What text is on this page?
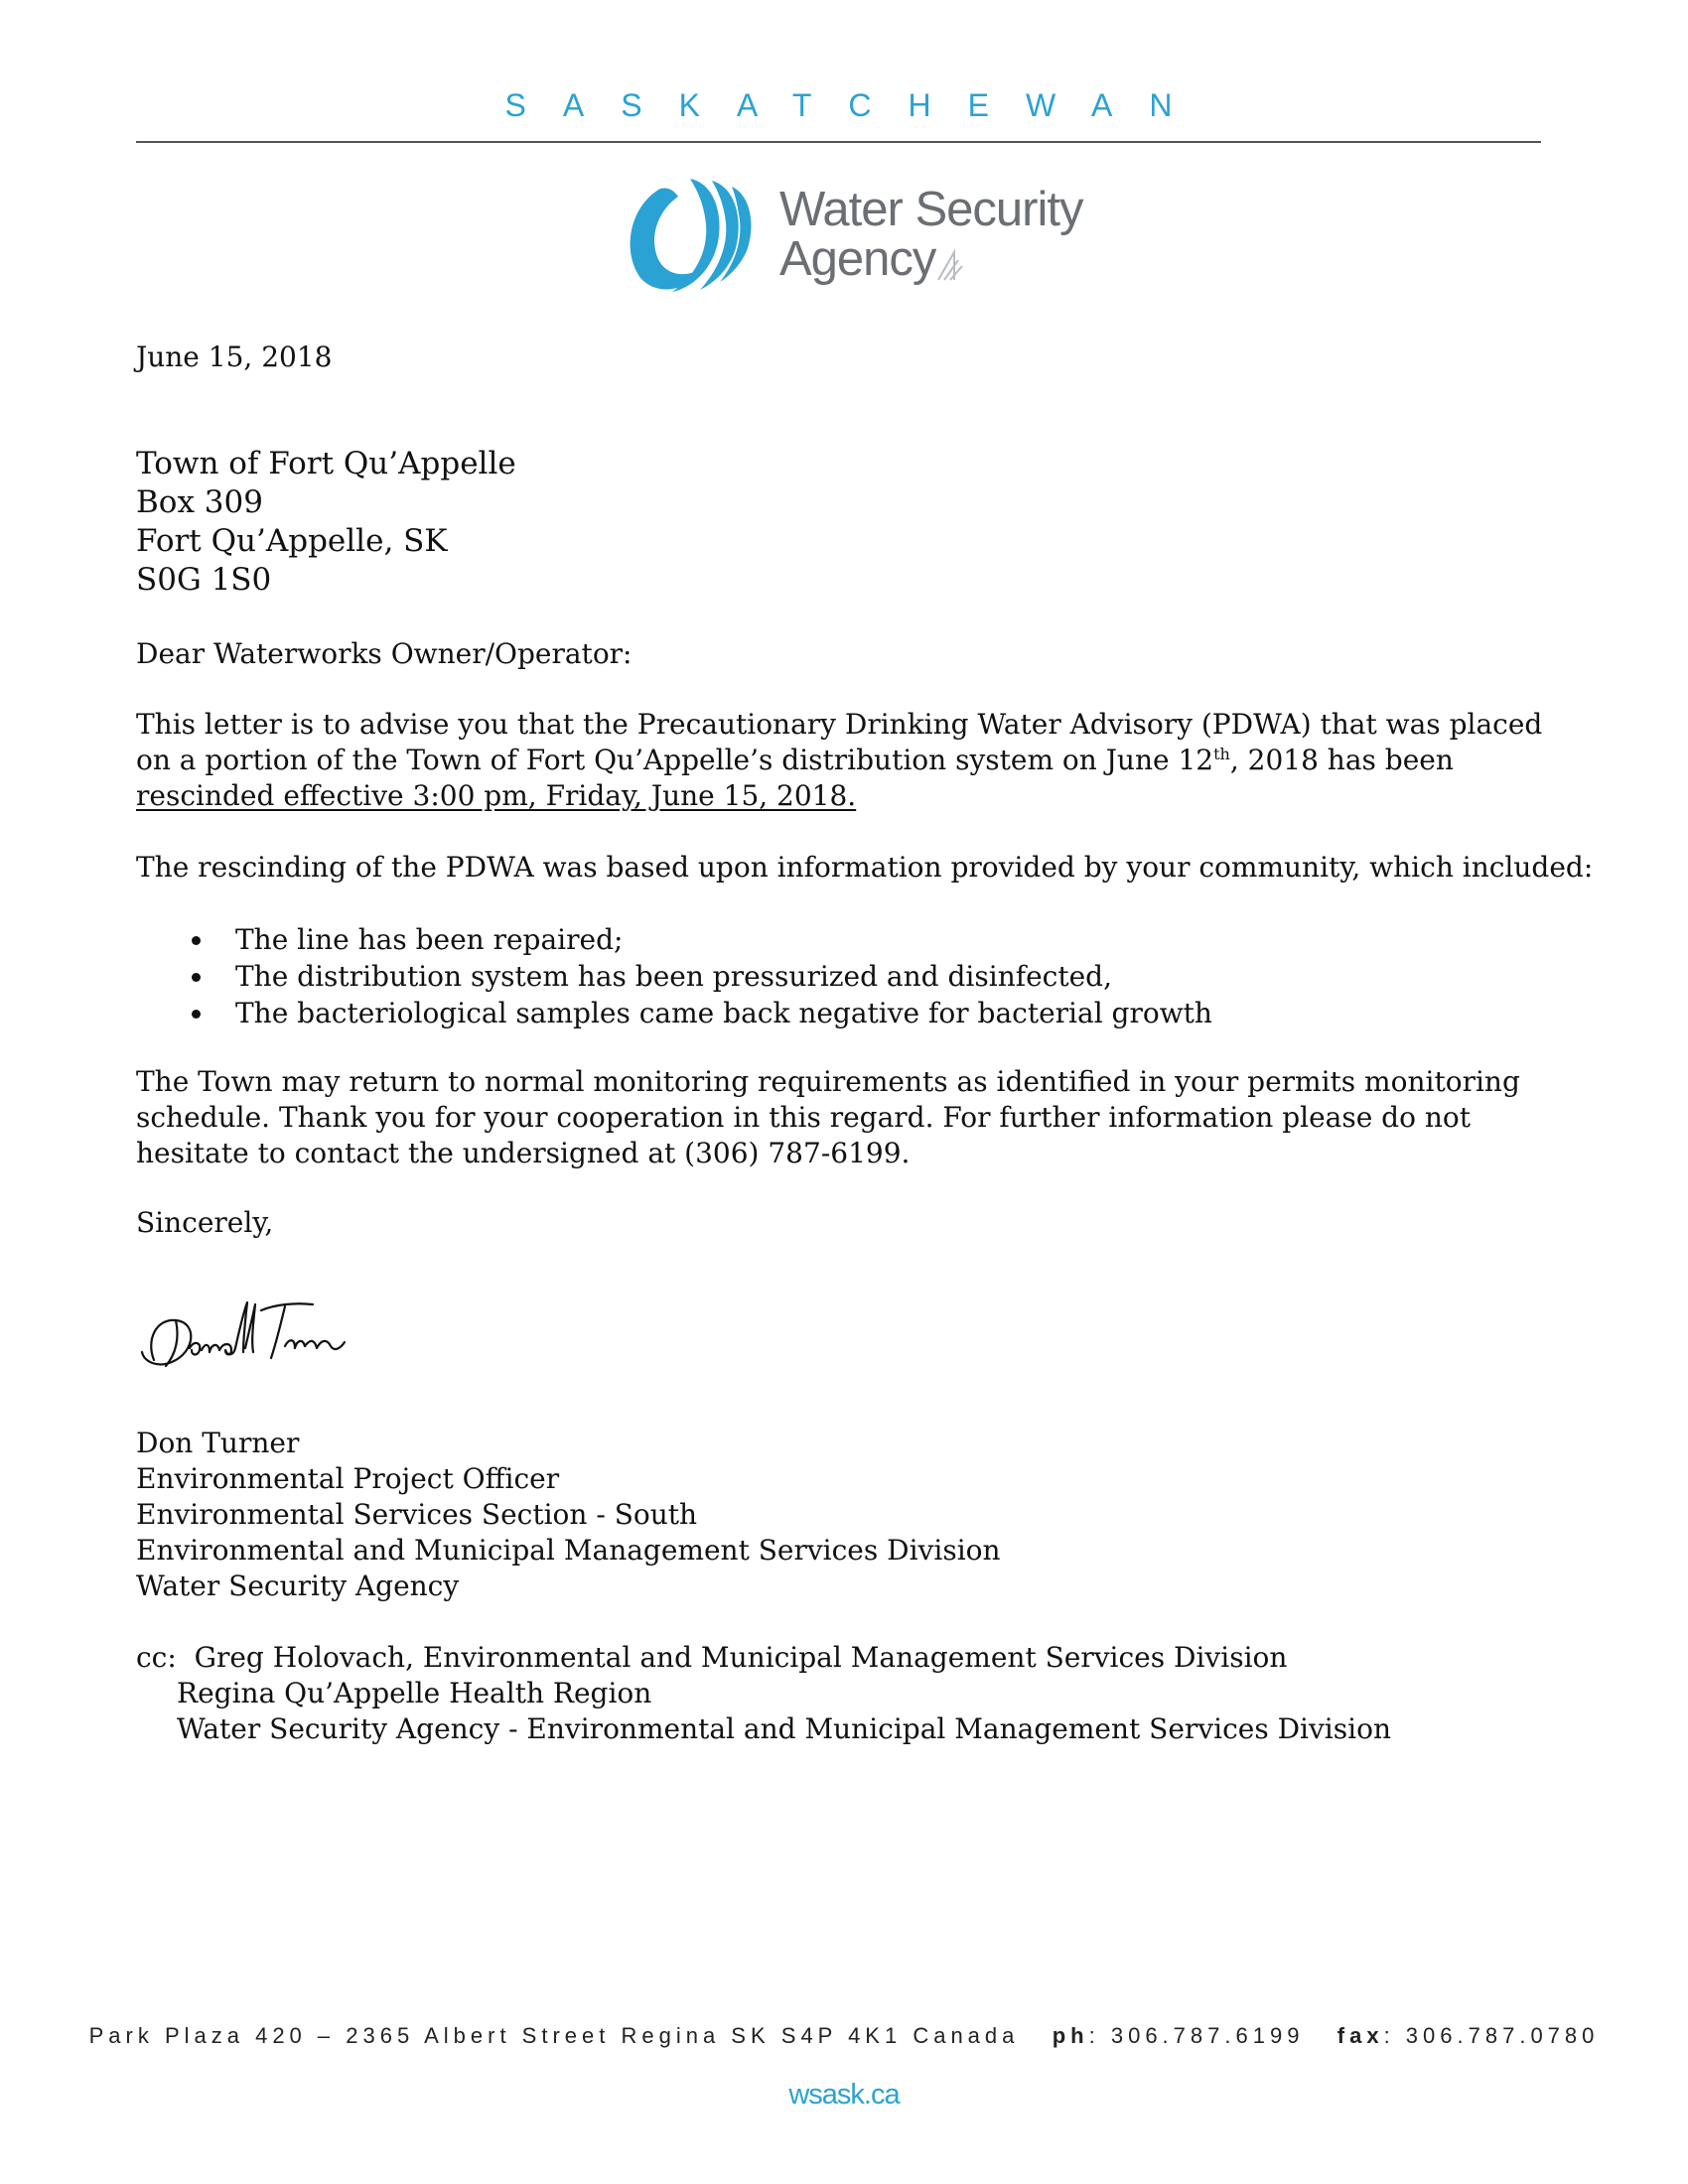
SASKATCHEWAN
Water Security
Agency
June 15, 2018
Town of Fort Qu’Appelle
Box 309
Fort Qu’Appelle, SK
S0G 1S0
Dear Waterworks Owner/Operator:
This letter is to advise you that the Precautionary Drinking Water Advisory (PDWA) that was placed on a portion of the Town of Fort Qu’Appelle’s distribution system on June 12th, 2018 has been rescinded effective 3:00 pm, Friday, June 15, 2018.
The rescinding of the PDWA was based upon information provided by your community, which included:
The line has been repaired;
The distribution system has been pressurized and disinfected,
The bacteriological samples came back negative for bacterial growth
The Town may return to normal monitoring requirements as identified in your permits monitoring schedule. Thank you for your cooperation in this regard. For further information please do not hesitate to contact the undersigned at (306) 787-6199.
Sincerely,
Don Turner
Environmental Project Officer
Environmental Services Section - South
Environmental and Municipal Management Services Division
Water Security Agency
cc: Greg Holovach, Environmental and Municipal Management Services Division
Regina Qu’Appelle Health Region
Water Security Agency - Environmental and Municipal Management Services Division
Park Plaza 420 – 2365 Albert Street Regina SK S4P 4K1 Canada ph: 306.787.6199 fax: 306.787.0780
wsask.ca
